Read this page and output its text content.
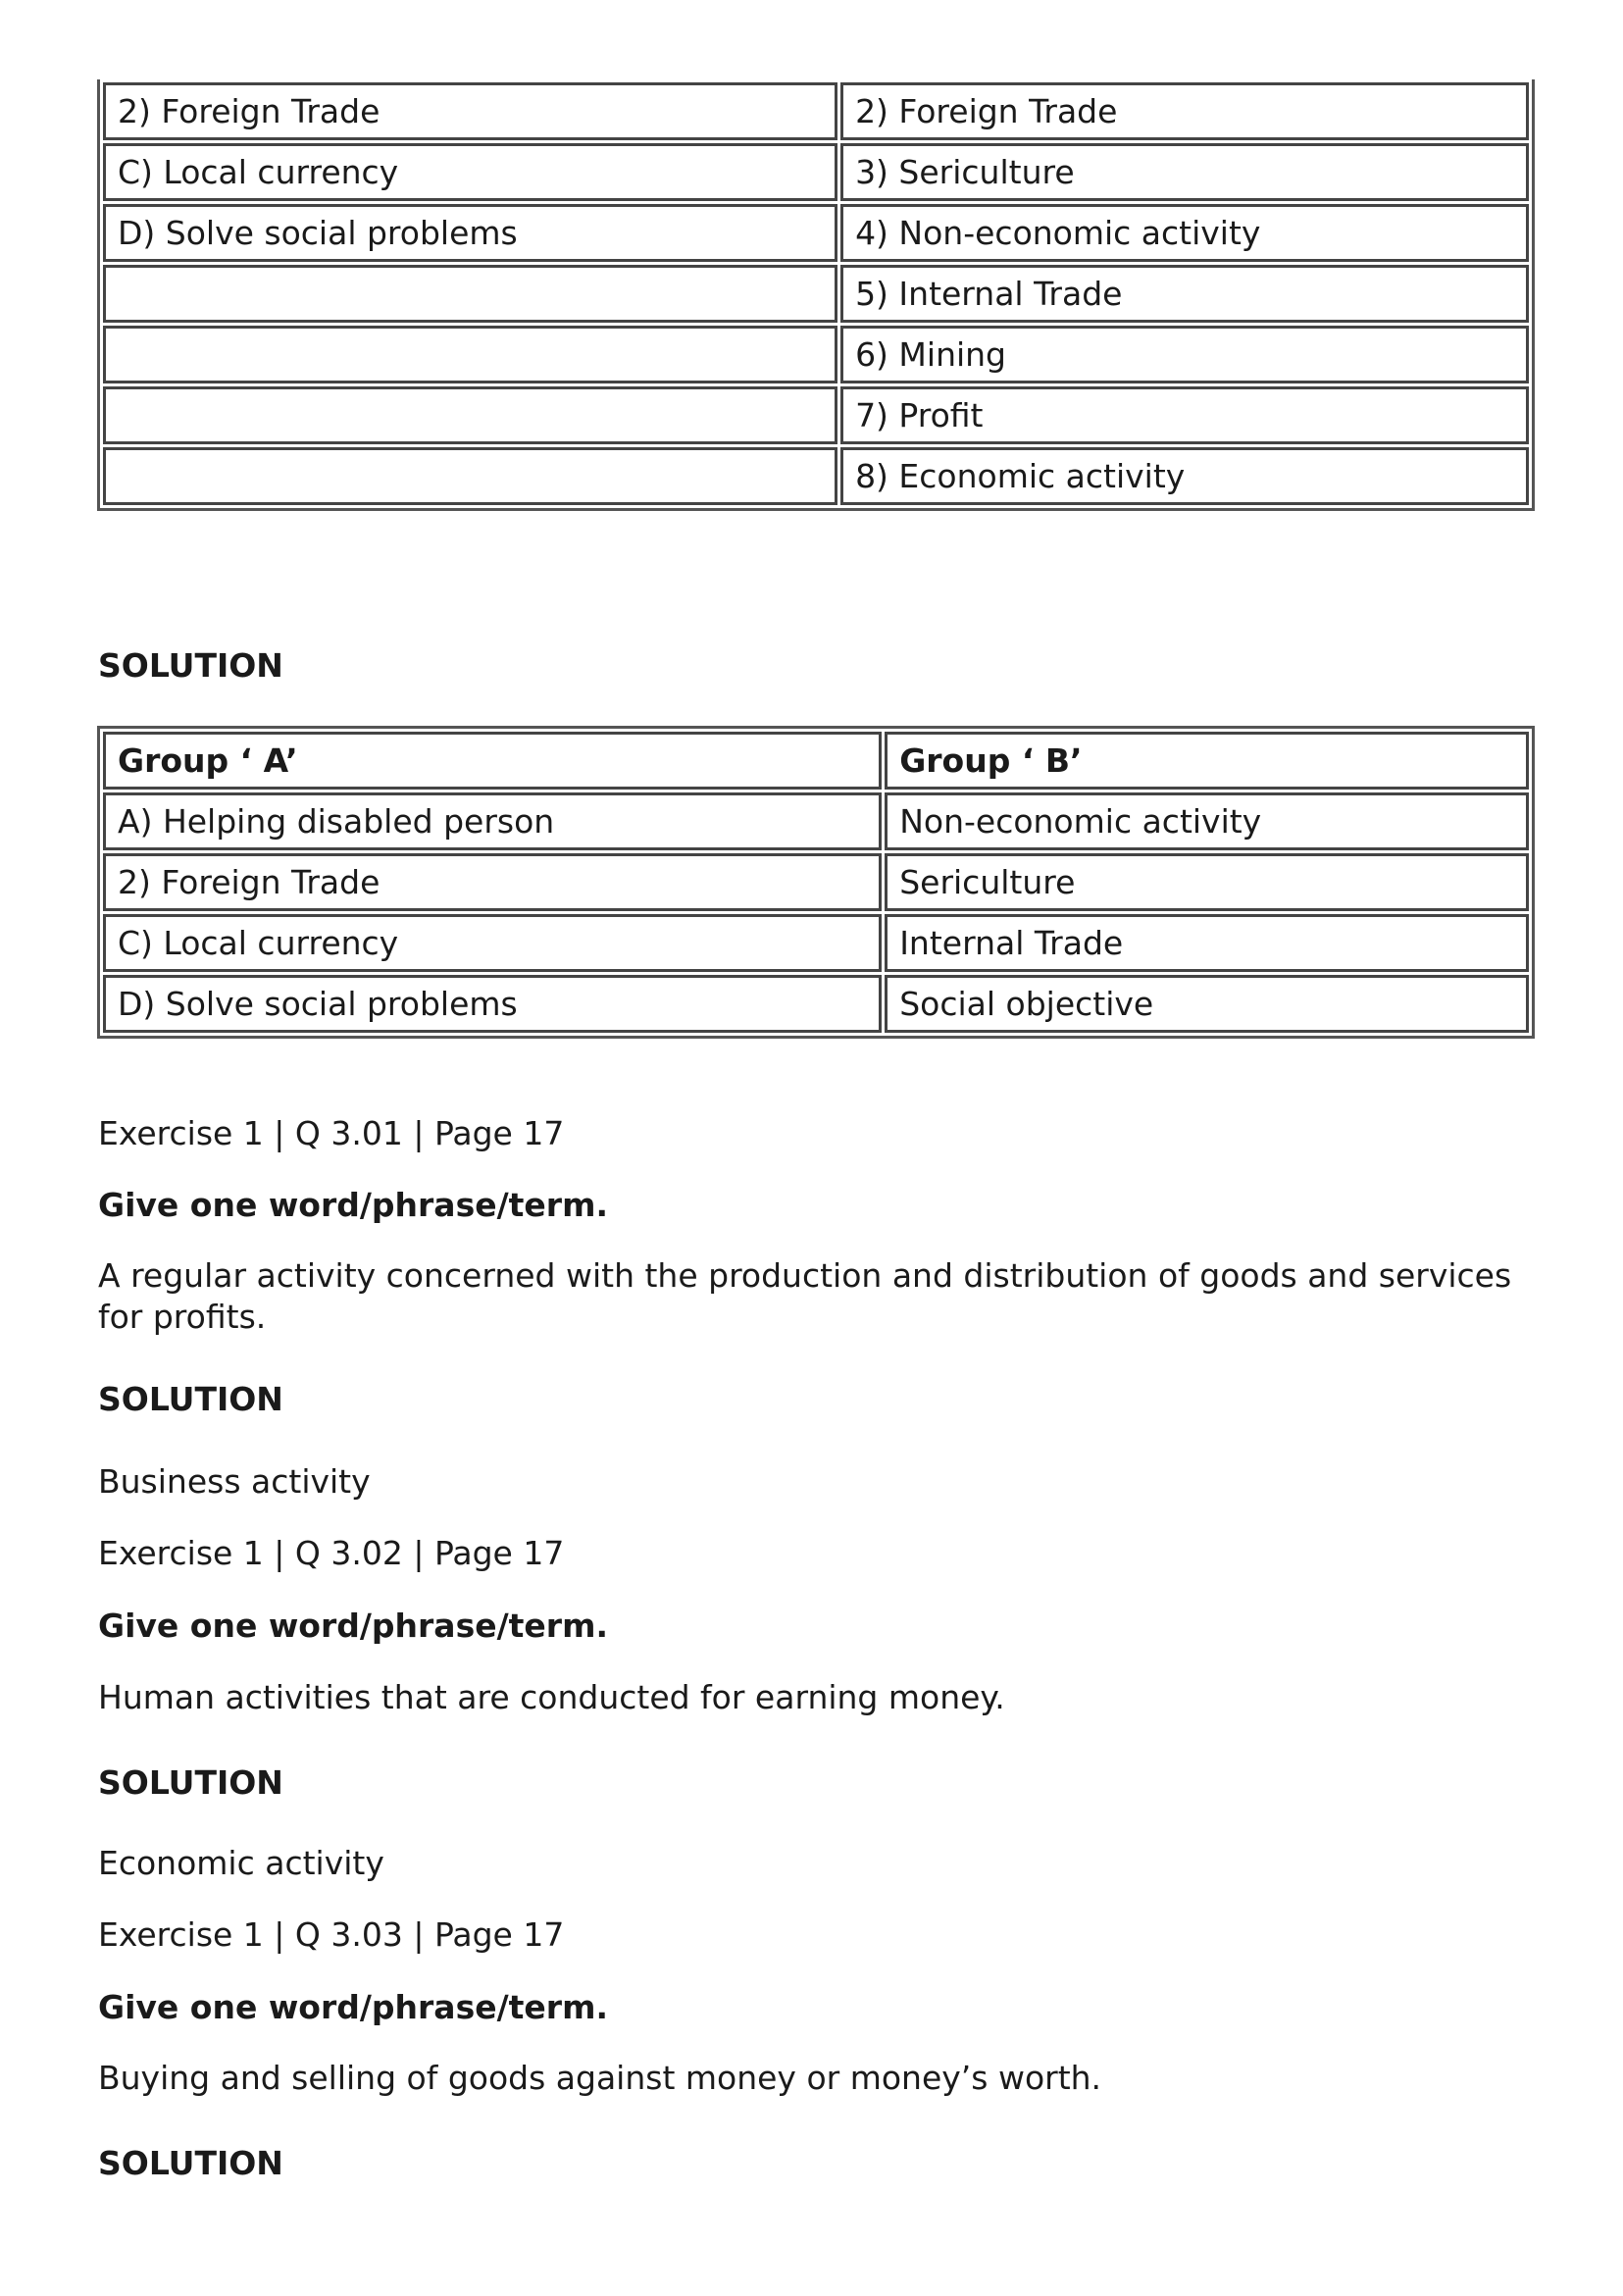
2) Foreign Trade	2) Foreign Trade
C) Local currency	3) Sericulture
D) Solve social problems	4) Non-economic activity
	5) Internal Trade
	6) Mining
	7) Profit
	8) Economic activity
SOLUTION
Group ‘ A’	Group ‘ B’
A) Helping disabled person	Non-economic activity
2) Foreign Trade	Sericulture
C) Local currency	Internal Trade
D) Solve social problems	Social objective
Exercise 1 | Q 3.01 | Page 17
Give one word/phrase/term.
A regular activity concerned with the production and distribution of goods and services for profits.
SOLUTION
Business activity
Exercise 1 | Q 3.02 | Page 17
Give one word/phrase/term.
Human activities that are conducted for earning money.
SOLUTION
Economic activity
Exercise 1 | Q 3.03 | Page 17
Give one word/phrase/term.
Buying and selling of goods against money or money’s worth.
SOLUTION
